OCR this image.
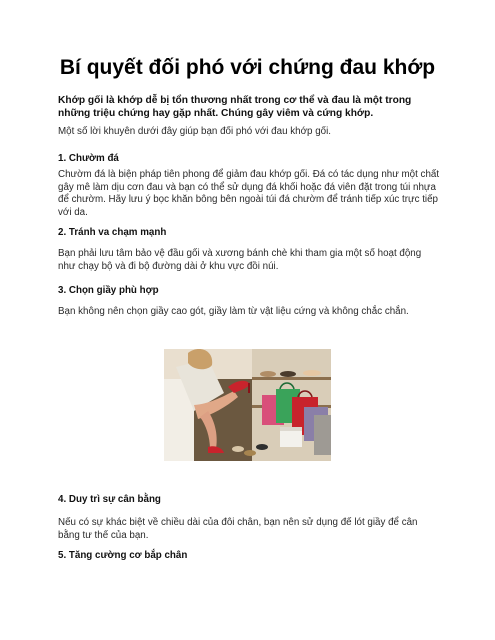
Bí quyết đối phó với chứng đau khớp

Khớp gối là khớp dễ bị tổn thương nhất trong cơ thể và đau là một trong những triệu chứng hay gặp nhất. Chúng gây viêm và cứng khớp.

Một số lời khuyên dưới đây giúp bạn đối phó với đau khớp gối.

1. Chườm đá

Chườm đá là biện pháp tiên phong để giảm đau khớp gối. Đá có tác dụng như một chất gây mê làm dịu cơn đau và bạn có thể sử dụng đá khối hoặc đá viên đặt trong túi nhựa để chườm. Hãy lưu ý bọc khăn bông bên ngoài túi đá chườm để tránh tiếp xúc trực tiếp với da.

2. Tránh va chạm mạnh

Bạn phải lưu tâm bảo vệ đầu gối và xương bánh chè khi tham gia một số hoạt động như chạy bộ và đi bộ đường dài ở khu vực đồi núi.

3. Chọn giầy phù hợp

Bạn không nên chọn giầy cao gót, giầy làm từ vật liệu cứng và không chắc chắn.

4. Duy trì sự cân bằng

Nếu có sự khác biệt về chiều dài của đôi chân, bạn nên sử dụng đế lót giầy để cân bằng tư thế của bạn.

5. Tăng cường cơ bắp chân
